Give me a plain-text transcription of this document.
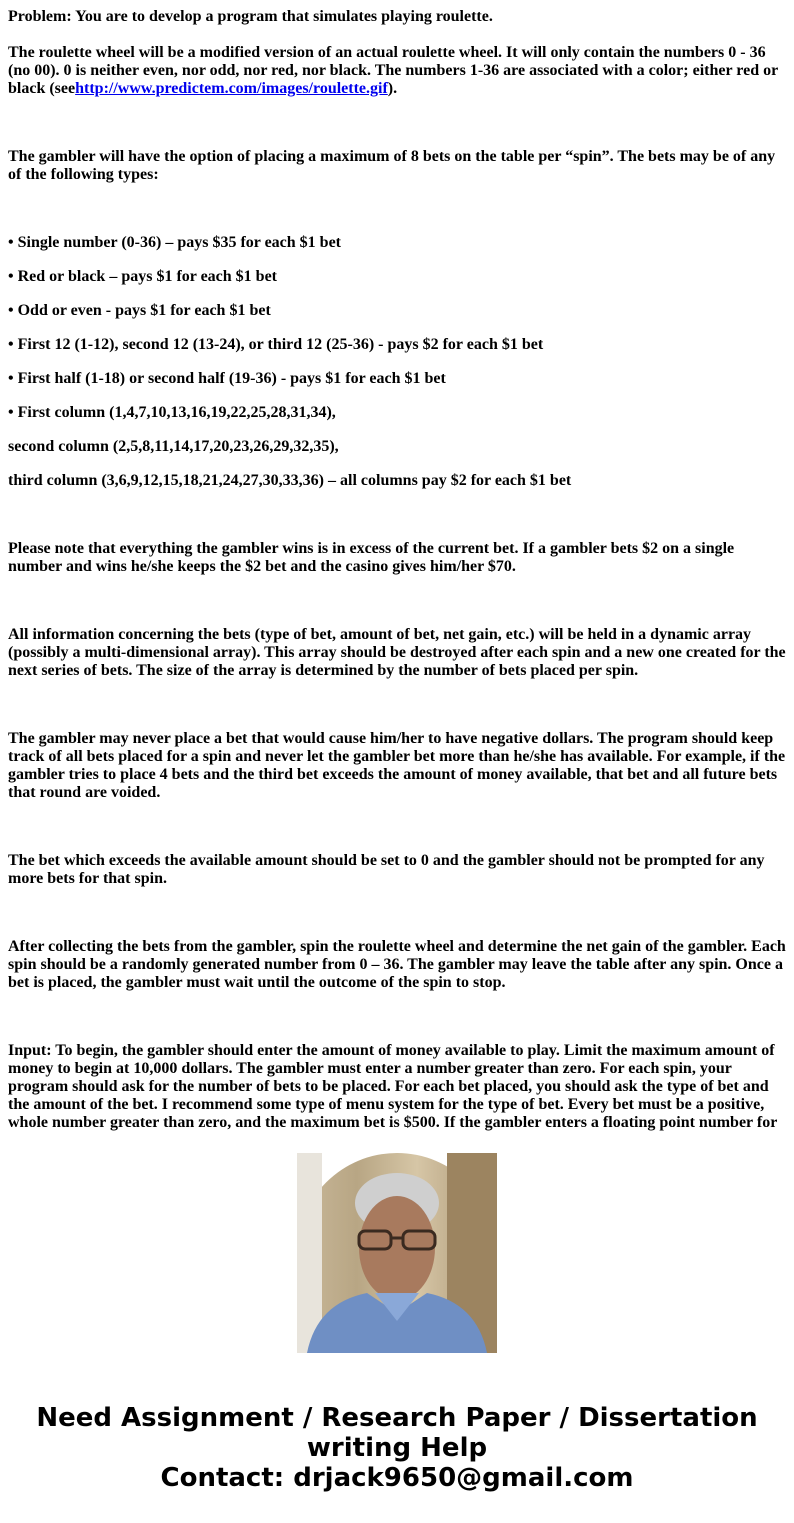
Problem: You are to develop a program that simulates playing roulette.

The roulette wheel will be a modified version of an actual roulette wheel. It will only contain the numbers 0 - 36 (no 00). 0 is neither even, nor odd, nor red, nor black. The numbers 1-36 are associated with a color; either red or black (seehttp://www.predictem.com/images/roulette.gif).

The gambler will have the option of placing a maximum of 8 bets on the table per “spin”. The bets may be of any of the following types:

• Single number (0-36) – pays $35 for each $1 bet

• Red or black – pays $1 for each $1 bet

• Odd or even - pays $1 for each $1 bet

• First 12 (1-12), second 12 (13-24), or third 12 (25-36) - pays $2 for each $1 bet

• First half (1-18) or second half (19-36) - pays $1 for each $1 bet

• First column (1,4,7,10,13,16,19,22,25,28,31,34),

second column (2,5,8,11,14,17,20,23,26,29,32,35),

third column (3,6,9,12,15,18,21,24,27,30,33,36) – all columns pay $2 for each $1 bet

Please note that everything the gambler wins is in excess of the current bet. If a gambler bets $2 on a single number and wins he/she keeps the $2 bet and the casino gives him/her $70.

All information concerning the bets (type of bet, amount of bet, net gain, etc.) will be held in a dynamic array (possibly a multi-dimensional array). This array should be destroyed after each spin and a new one created for the next series of bets. The size of the array is determined by the number of bets placed per spin.

The gambler may never place a bet that would cause him/her to have negative dollars. The program should keep track of all bets placed for a spin and never let the gambler bet more than he/she has available. For example, if the gambler tries to place 4 bets and the third bet exceeds the amount of money available, that bet and all future bets that round are voided.

The bet which exceeds the available amount should be set to 0 and the gambler should not be prompted for any more bets for that spin.

After collecting the bets from the gambler, spin the roulette wheel and determine the net gain of the gambler. Each spin should be a randomly generated number from 0 – 36. The gambler may leave the table after any spin. Once a bet is placed, the gambler must wait until the outcome of the spin to stop.

Input: To begin, the gambler should enter the amount of money available to play. Limit the maximum amount of money to begin at 10,000 dollars. The gambler must enter a number greater than zero. For each spin, your program should ask for the number of bets to be placed. For each bet placed, you should ask the type of bet and the amount of the bet. I recommend some type of menu system for the type of bet. Every bet must be a positive, whole number greater than zero, and the maximum bet is $500. If the gambler enters a floating point number for

Need Assignment / Research Paper / Dissertation writing Help
Contact: drjack9650@gmail.com
